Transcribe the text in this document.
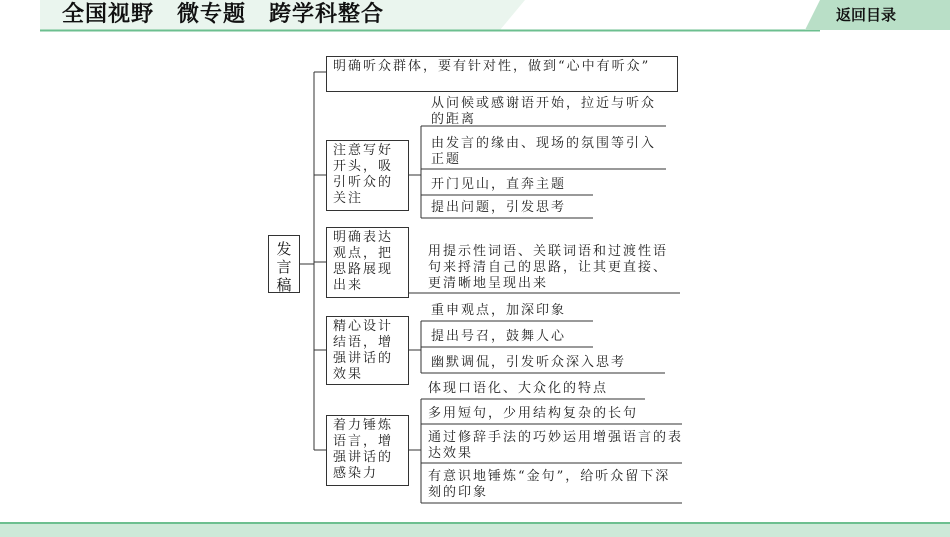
全国视野　微专题　跨学科整合	返回目录
发言稿
明确听众群体，要有针对性，做到“心中有听众”
注意写好开头，吸引听众的关注
从问候或感谢语开始，拉近与听众的距离
由发言的缘由、现场的氛围等引入正题
开门见山，直奔主题
提出问题，引发思考
明确表达观点，把思路展现出来
用提示性词语、关联词语和过渡性语句来捋清自己的思路，让其更直接、更清晰地呈现出来
精心设计结语，增强讲话的效果
重申观点，加深印象
提出号召，鼓舞人心
幽默调侃，引发听众深入思考
着力锤炼语言，增强讲话的感染力
体现口语化、大众化的特点
多用短句，少用结构复杂的长句
通过修辞手法的巧妙运用增强语言的表达效果
有意识地锤炼“金句”，给听众留下深刻的印象
